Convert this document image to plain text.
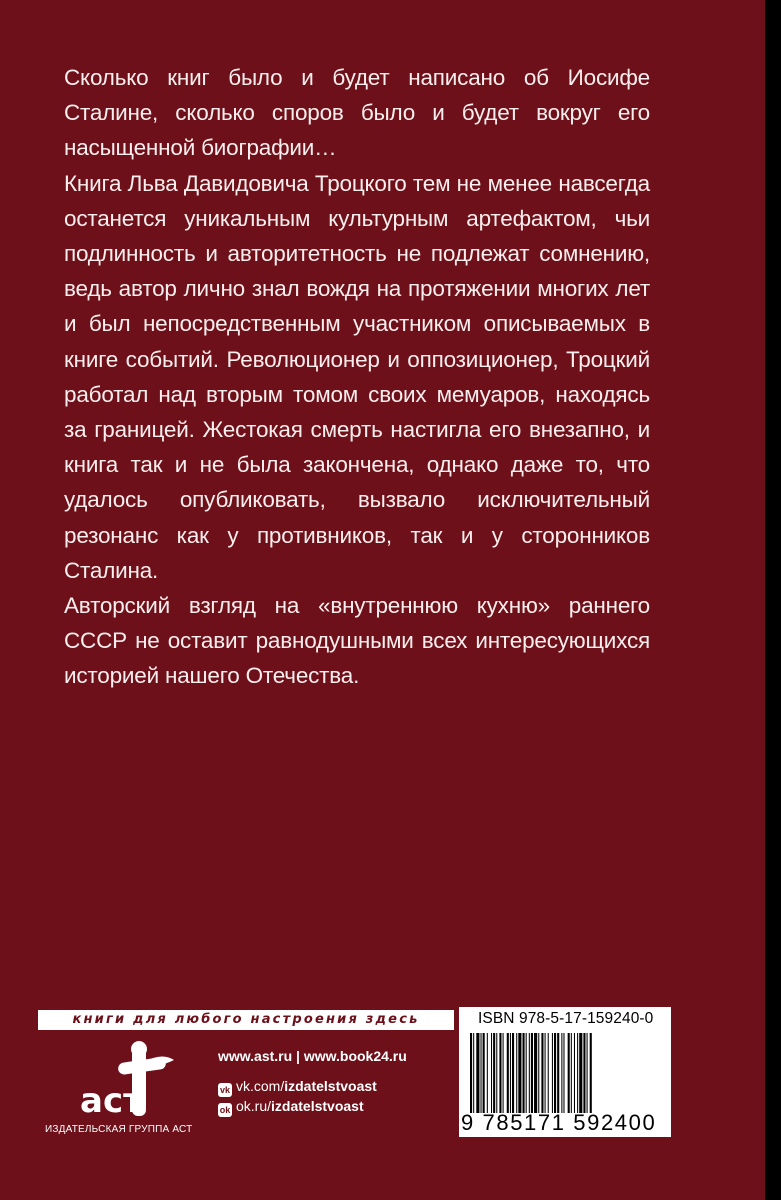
Сколько книг было и будет написано об Иосифе Сталине, сколько споров было и будет вокруг его насыщенной биографии…

Книга Льва Давидовича Троцкого тем не менее навсегда останется уникальным культурным артефактом, чьи подлинность и авторитетность не подлежат сомнению, ведь автор лично знал вождя на протяжении многих лет и был непосредственным участником описываемых в книге событий. Революционер и оппозиционер, Троцкий работал над вторым томом своих мемуаров, находясь за границей. Жестокая смерть настигла его внезапно, и книга так и не была закончена, однако даже то, что удалось опубликовать, вызвало исключительный резонанс как у противников, так и у сторонников Сталина.

Авторский взгляд на «внутреннюю кухню» раннего СССР не оставит равнодушными всех интересующихся историей нашего Отечества.

книги для любого настроения здесь
аст
ИЗДАТЕЛЬСКАЯ ГРУППА АСТ
www.ast.ru | www.book24.ru
vk vk.com/izdatelstvoast
ok ok.ru/izdatelstvoast
ISBN 978-5-17-159240-0
9 785171 592400
